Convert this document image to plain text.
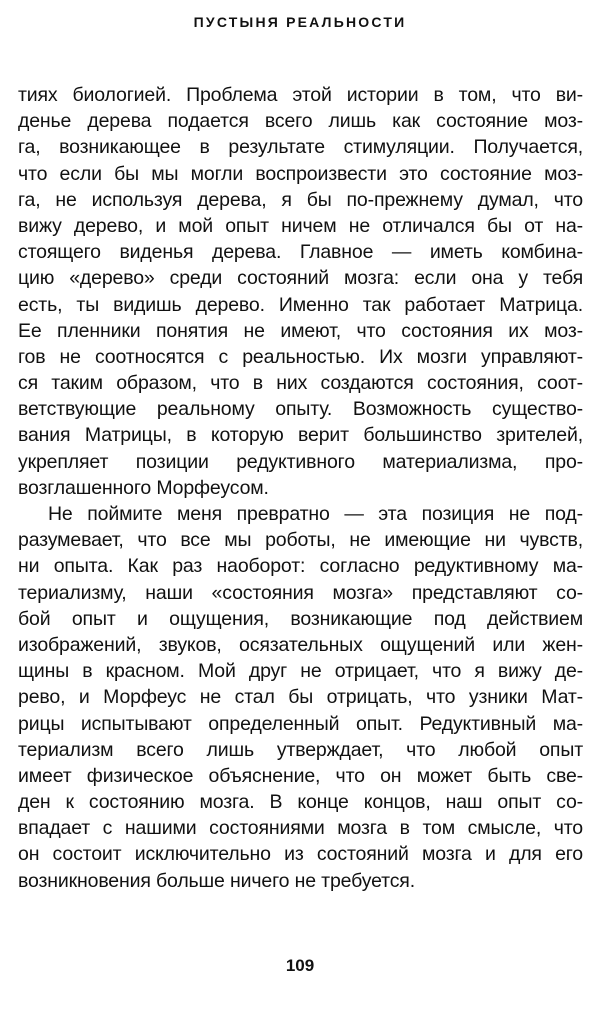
ПУСТЫНЯ РЕАЛЬНОСТИ
тиях биологией. Проблема этой истории в том, что ви-
денье дерева подается всего лишь как состояние моз-
га, возникающее в результате стимуляции. Получается,
что если бы мы могли воспроизвести это состояние моз-
га, не используя дерева, я бы по-прежнему думал, что
вижу дерево, и мой опыт ничем не отличался бы от на-
стоящего виденья дерева. Главное — иметь комбина-
цию «дерево» среди состояний мозга: если она у тебя
есть, ты видишь дерево. Именно так работает Матрица.
Ее пленники понятия не имеют, что состояния их моз-
гов не соотносятся с реальностью. Их мозги управляют-
ся таким образом, что в них создаются состояния, соот-
ветствующие реальному опыту. Возможность существо-
вания Матрицы, в которую верит большинство зрителей,
укрепляет позиции редуктивного материализма, про-
возглашенного Морфеусом.
Не поймите меня превратно — эта позиция не под-
разумевает, что все мы роботы, не имеющие ни чувств,
ни опыта. Как раз наоборот: согласно редуктивному ма-
териализму, наши «состояния мозга» представляют со-
бой опыт и ощущения, возникающие под действием
изображений, звуков, осязательных ощущений или жен-
щины в красном. Мой друг не отрицает, что я вижу де-
рево, и Морфеус не стал бы отрицать, что узники Мат-
рицы испытывают определенный опыт. Редуктивный ма-
териализм всего лишь утверждает, что любой опыт
имеет физическое объяснение, что он может быть све-
ден к состоянию мозга. В конце концов, наш опыт со-
впадает с нашими состояниями мозга в том смысле, что
он состоит исключительно из состояний мозга и для его
возникновения больше ничего не требуется.
109
